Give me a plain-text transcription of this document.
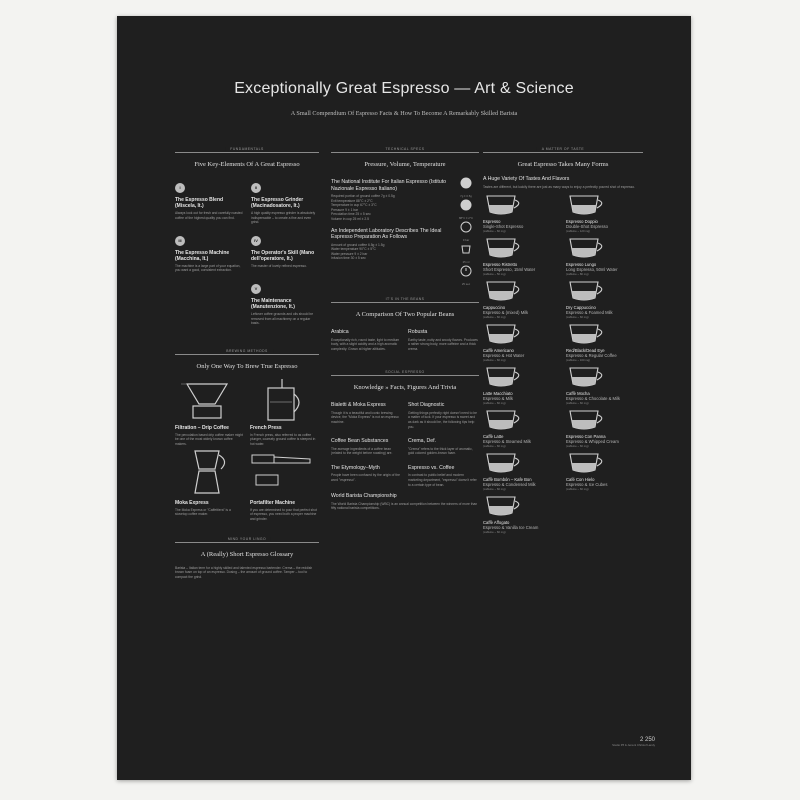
Exceptionally Great Espresso — Art & Science
A Small Compendium Of Espresso Facts & How To Become A Remarkably Skilled Barista
FUNDAMENTALS
Five Key-Elements Of A Great Espresso
I
The Espresso Blend (Miscela, It.)
Always look out for fresh and carefully roasted coffee of the highest quality you can find.
II
The Espresso Grinder (Macinadosatore, It.)
A high quality espresso grinder is absolutely indispensable – to create a fine and even grind.
III
The Espresso Machine (Macchina, It.)
The machine is a large part of your equation, you want a good, consistent extraction.
IV
The Operator's Skill (Mano dell'operatore, It.)
The master of lovely refined espresso.
V
The Maintenance (Manutenzione, It.)
Leftover coffee grounds and oils should be removed from all machinery on a regular basis.
BREWING METHODS
Only One Way To Brew True Espresso
Filtration – Drip Coffee
The percolation based drip coffee maker might be one of the most widely known coffee makers.
French Press
In French press, also referred to as coffee plunger, coarsely ground coffee is steeped in hot water.
Moka Express
The Moka Express or "Caffettiera" is a stovetop coffee maker.
Portafilter Machine
If you are determined to pour that perfect shot of espresso, you need both a proper machine and grinder.
MIND YOUR LINGO
A (Really) Short Espresso Glossary
Barista – Italian term for a highly skilled and talented espresso bartender. Crema – the reddish brown foam on top of an espresso. Dosing – the amount of ground coffee. Tamper – tool to compact the grind.
TECHNICAL SPECS
Pressure, Volume, Temperature
The National Institute For Italian Espresso (Istituto Nazionale Espresso Italiano)
Required portion of ground coffee 7g ± 0.5g
Exit temperature 88°C ± 2°C
Temperature in cup 67°C ± 3°C
Pressure 9 ± 1 bar
Percolation time 25 ± 5 sec
Volume in cup 25 ml ± 2.5
An Independent Laboratory Describes The Ideal Espresso Preparation As Follows
Amount of ground coffee 6.5g ± 1.5g
Water temperature 90°C ± 5°C
Water pressure 9 ± 2 bar
Infusion time 30 ± 5 sec
7g ± 0.5g
88°C ± 2°C
9 bar
25 ml
25 sec
IT'S IN THE BEANS
A Comparison Of Two Popular Beans
Arabica
Exceptionally rich, round taste, light to medium body, with a slight acidity and a high aromatic complexity. Grown at higher altitudes.
Robusta
Earthy taste, nutty and woody flavors. Produces a rather strong body, more caffeine and a thick crema.
SOCIAL ESPRESSO
Knowledge » Facts, Figures And Trivia
Bialetti & Moka Express
Though it is a beautiful and iconic brewing device, the "Moka Express" is not an espresso machine.
Shot Diagnostic
Getting things perfectly right doesn't need to be a matter of luck. If your espresso is sweet and as dark as it should be, the following tips help you.
Coffee Bean Substances
The average ingredients of a coffee bean (related to the weight before roasting) are.
Crema, Def.
"Crema" refers to the thick layer of aromatic, gold colored golden-brown foam.
The Etymology–Myth
People have been confused by the origin of the word "espresso".
Espresso vs. Coffee
In contrast to public belief and modern marketing department, "espresso" doesn't refer to a certain type of bean.
World Barista Championship
The World Barista Championship (WBC) is an annual competition between the winners of more than fifty national barista competitions.
A MATTER OF TASTE
Great Espresso Takes Many Forms
A Huge Variety Of Tastes And Flavors
Tastes are different, but luckily there are just as many ways to enjoy a perfectly poured shot of espresso.
Espresso
Single-Shot Espresso
(caffeine ~ 60 mg)
Espresso Doppio
Double-Shot Espresso
(caffeine ~ 120 mg)
Espresso Ristretto
Short Espresso, 15ml Water
(caffeine ~ 50 mg)
Espresso Lungo
Long Espresso, 50ml Water
(caffeine ~ 80 mg)
Cappuccino
Espresso & (mixed) Milk
(caffeine ~ 60 mg)
Dry Cappuccino
Espresso & Foamed Milk
(caffeine ~ 60 mg)
Caffè Americano
Espresso & Hot Water
(caffeine ~ 60 mg)
Red/Black/Dead Eye
Espresso & Regular Coffee
(caffeine ~ 160 mg)
Latte Macchiato
Espresso & Milk
(caffeine ~ 60 mg)
Caffè Mocha
Espresso & Chocolate & Milk
(caffeine ~ 60 mg)
Caffè Latte
Espresso & Steamed Milk
(caffeine ~ 60 mg)
Espresso Con Panna
Espresso & Whipped Cream
(caffeine ~ 60 mg)
Caffè Bombón – Kafe Bon
Espresso & Condensed Milk
(caffeine ~ 60 mg)
Café Con Hielo
Espresso & Ice Cubes
(caffeine ~ 60 mg)
Caffè Affogato
Espresso & Vanilla Ice Cream
(caffeine ~ 60 mg)
2 250
Studio Pfl & Jena & Christof Landy
